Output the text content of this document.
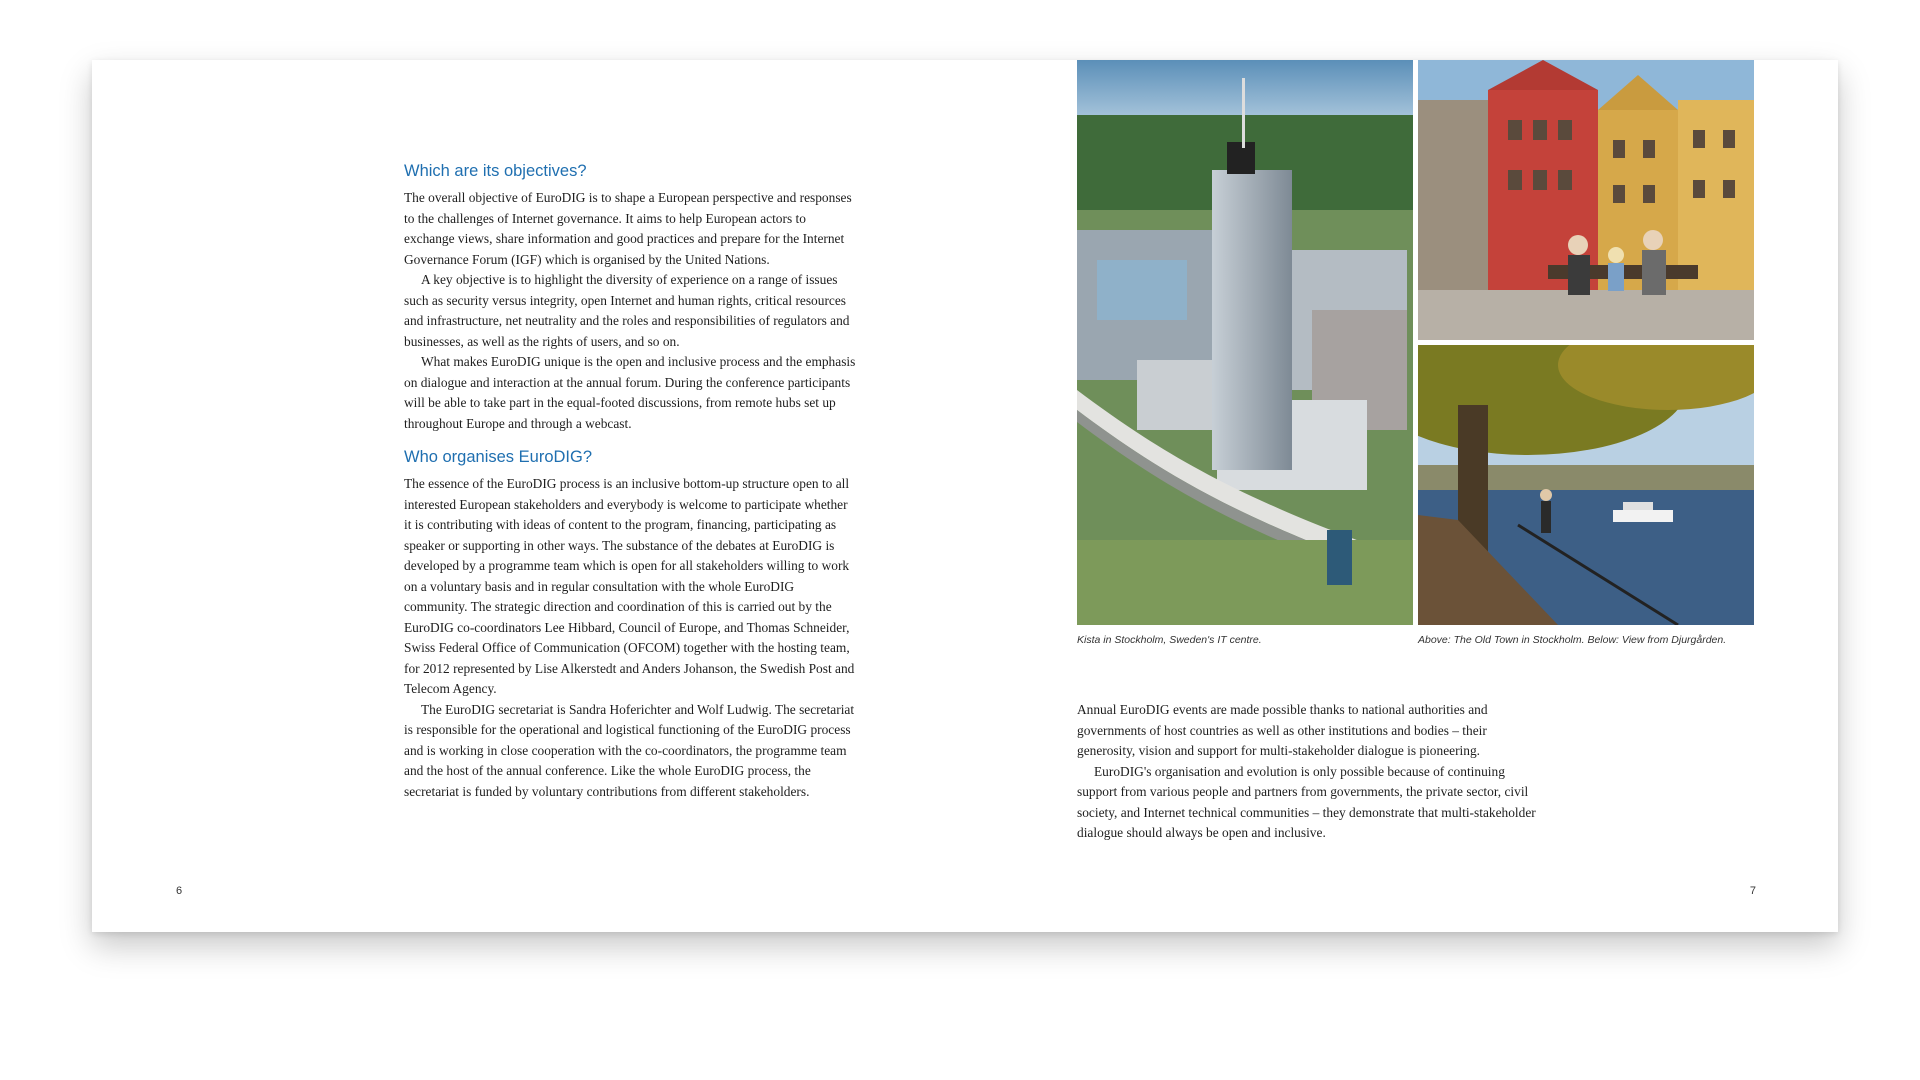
Which are its objectives?

The overall objective of EuroDIG is to shape a European perspective and responses to the challenges of Internet governance. It aims to help European actors to exchange views, share information and good practices and prepare for the Internet Governance Forum (IGF) which is organised by the United Nations.

A key objective is to highlight the diversity of experience on a range of issues such as security versus integrity, open Internet and human rights, critical resources and infrastructure, net neutrality and the roles and responsibilities of regulators and businesses, as well as the rights of users, and so on.

What makes EuroDIG unique is the open and inclusive process and the emphasis on dialogue and interaction at the annual forum. During the conference participants will be able to take part in the equal-footed discussions, from remote hubs set up throughout Europe and through a webcast.

Who organises EuroDIG?

The essence of the EuroDIG process is an inclusive bottom-up structure open to all interested European stakeholders and everybody is welcome to participate whether it is contributing with ideas of content to the program, financing, participating as speaker or supporting in other ways. The substance of the debates at EuroDIG is developed by a programme team which is open for all stakeholders willing to work on a voluntary basis and in regular consultation with the whole EuroDIG community. The strategic direction and coordination of this is carried out by the EuroDIG co-coordinators Lee Hibbard, Council of Europe, and Thomas Schneider, Swiss Federal Office of Communication (OFCOM) together with the hosting team, for 2012 represented by Lise Alkerstedt and Anders Johanson, the Swedish Post and Telecom Agency.

The EuroDIG secretariat is Sandra Hoferichter and Wolf Ludwig. The secretariat is responsible for the operational and logistical functioning of the EuroDIG process and is working in close cooperation with the co-coordinators, the programme team and the host of the annual conference. Like the whole EuroDIG process, the secretariat is funded by voluntary contributions from different stakeholders.

6
Kista in Stockholm, Sweden's IT centre.	Above: The Old Town in Stockholm. Below: View from Djurgården.

Annual EuroDIG events are made possible thanks to national authorities and governments of host countries as well as other institutions and bodies – their generosity, vision and support for multi-stakeholder dialogue is pioneering.

EuroDIG's organisation and evolution is only possible because of continuing support from various people and partners from governments, the private sector, civil society, and Internet technical communities – they demonstrate that multi-stakeholder dialogue should always be open and inclusive.

7
